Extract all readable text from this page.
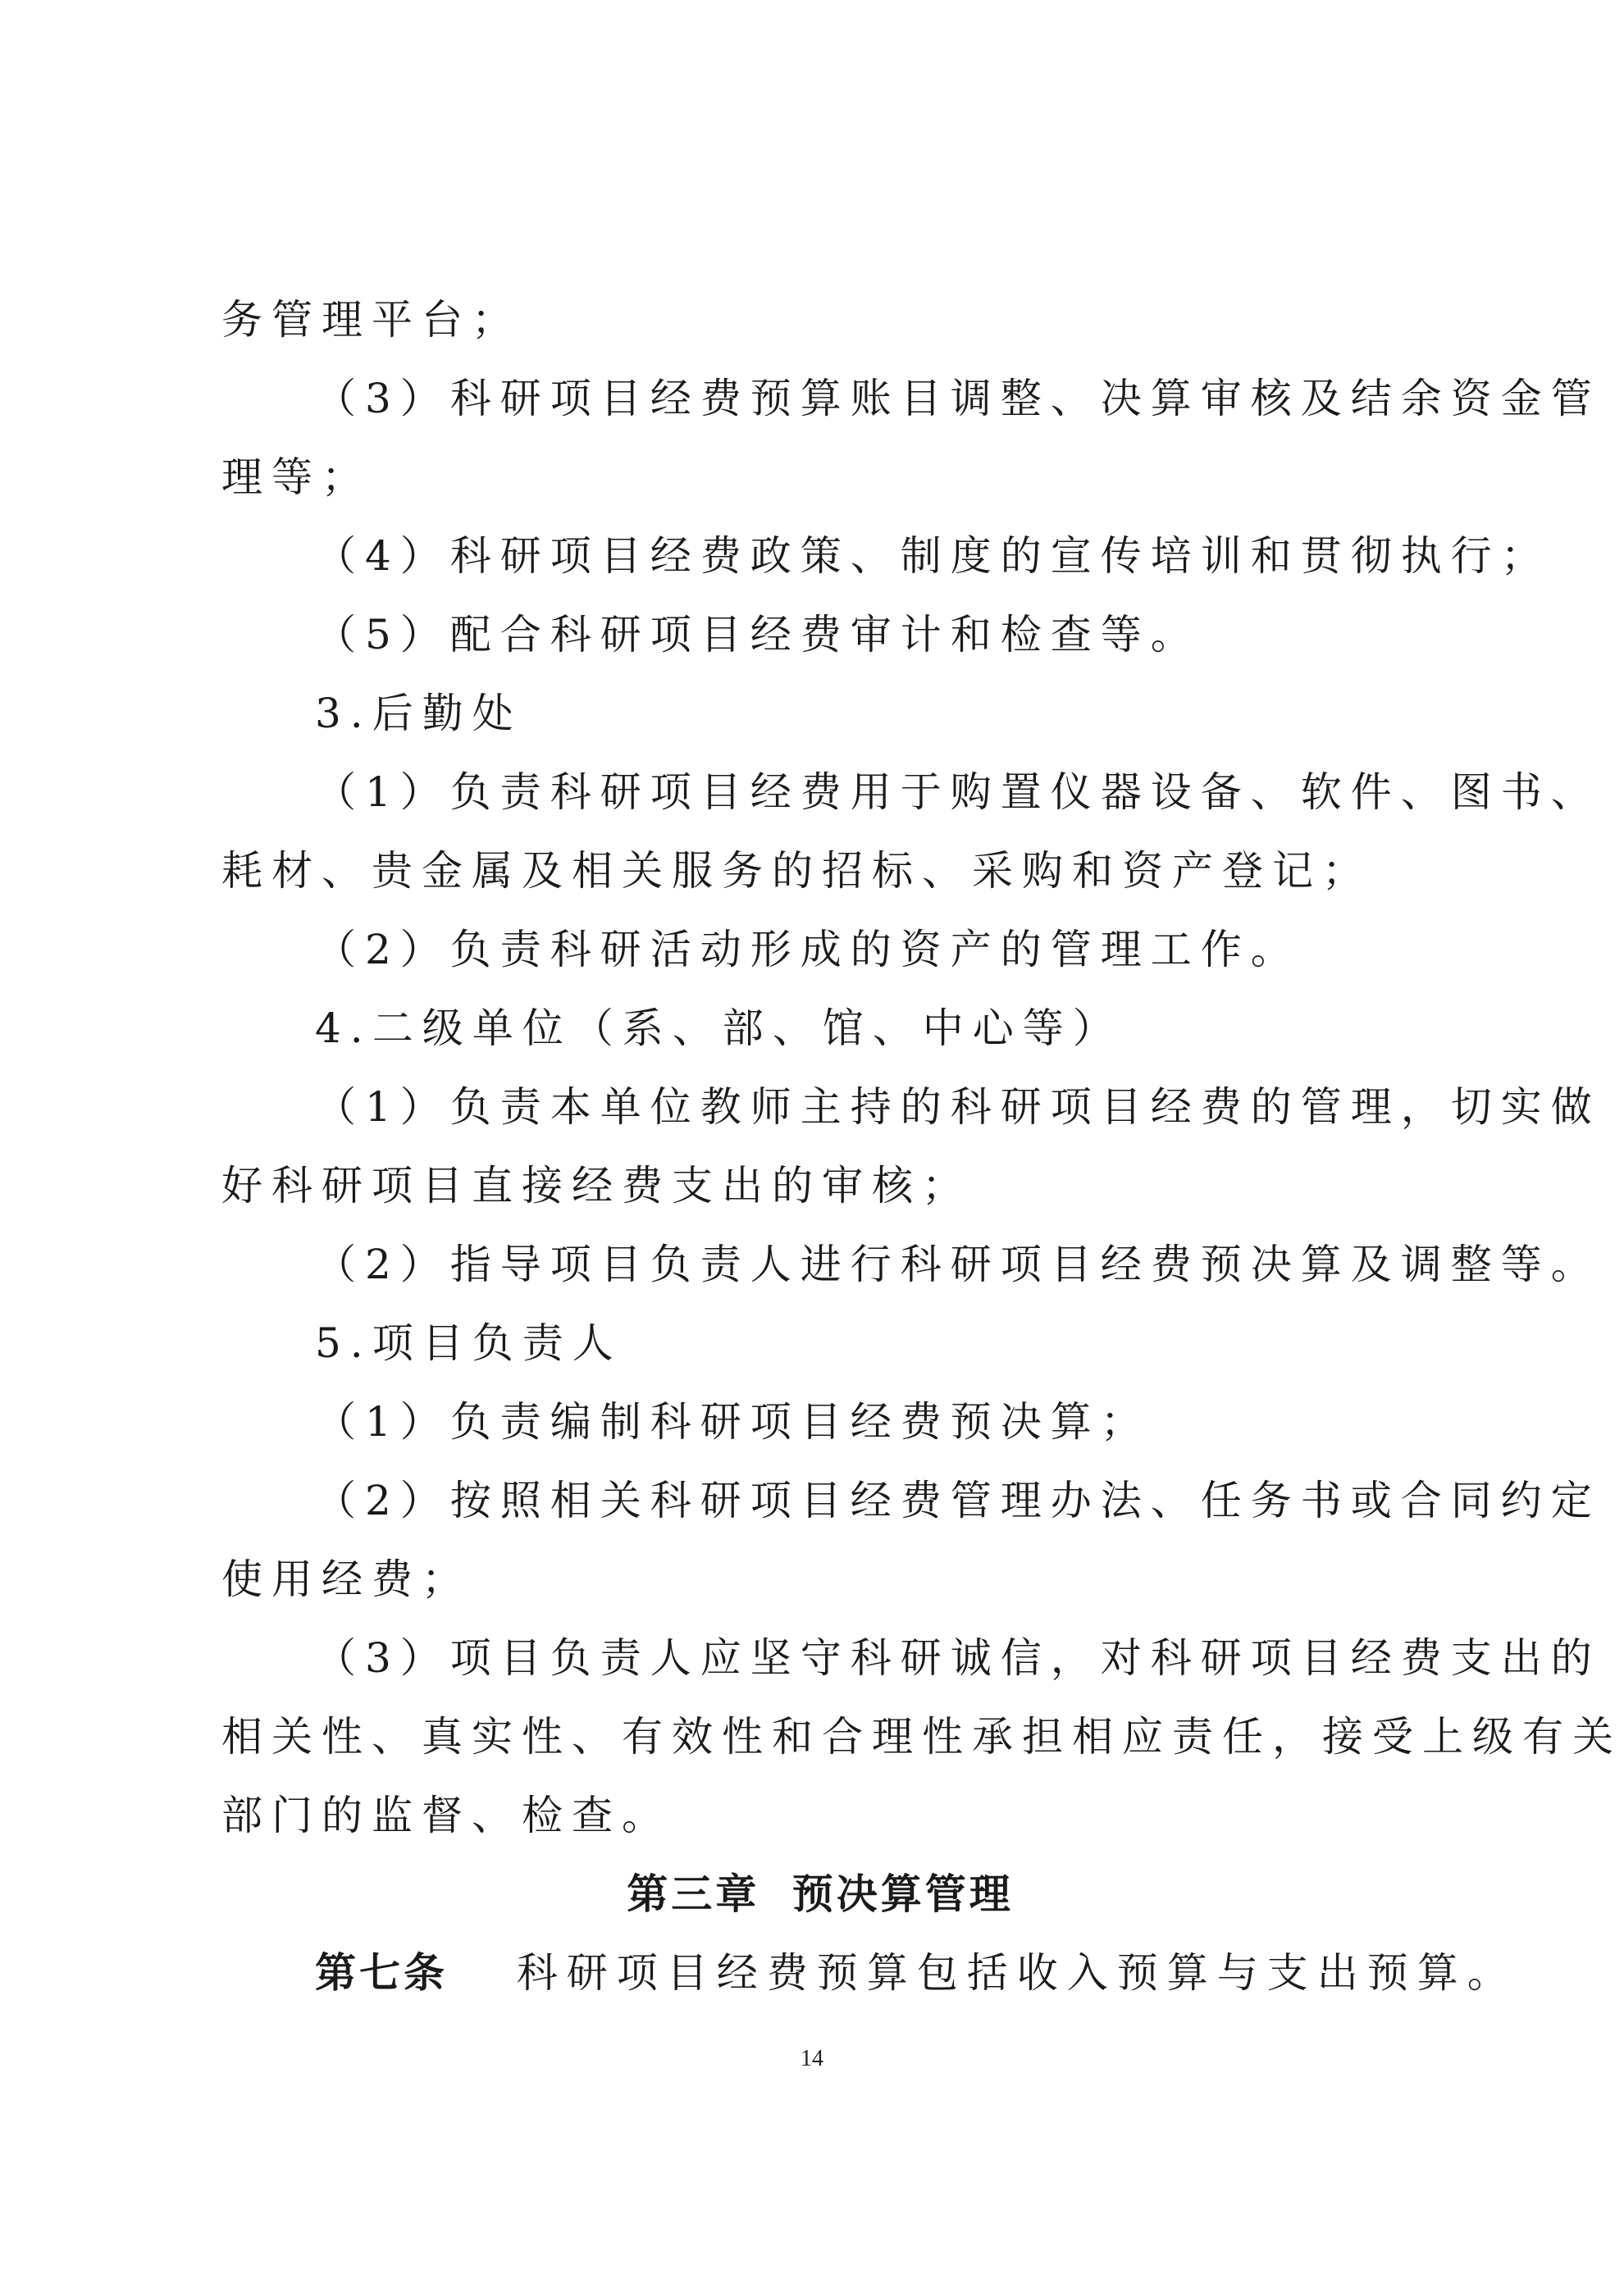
务管理平台；
（3）科研项目经费预算账目调整、决算审核及结余资金管
理等；
（4）科研项目经费政策、制度的宣传培训和贯彻执行；
（5）配合科研项目经费审计和检查等。
3.后勤处
（1）负责科研项目经费用于购置仪器设备、软件、图书、
耗材、贵金属及相关服务的招标、采购和资产登记；
（2）负责科研活动形成的资产的管理工作。
4.二级单位（系、部、馆、中心等）
（1）负责本单位教师主持的科研项目经费的管理，切实做
好科研项目直接经费支出的审核；
（2）指导项目负责人进行科研项目经费预决算及调整等。
5.项目负责人
（1）负责编制科研项目经费预决算；
（2）按照相关科研项目经费管理办法、任务书或合同约定
使用经费；
（3）项目负责人应坚守科研诚信，对科研项目经费支出的
相关性、真实性、有效性和合理性承担相应责任，接受上级有关
部门的监督、检查。
第三章 预决算管理
第七条 科研项目经费预算包括收入预算与支出预算。
14
